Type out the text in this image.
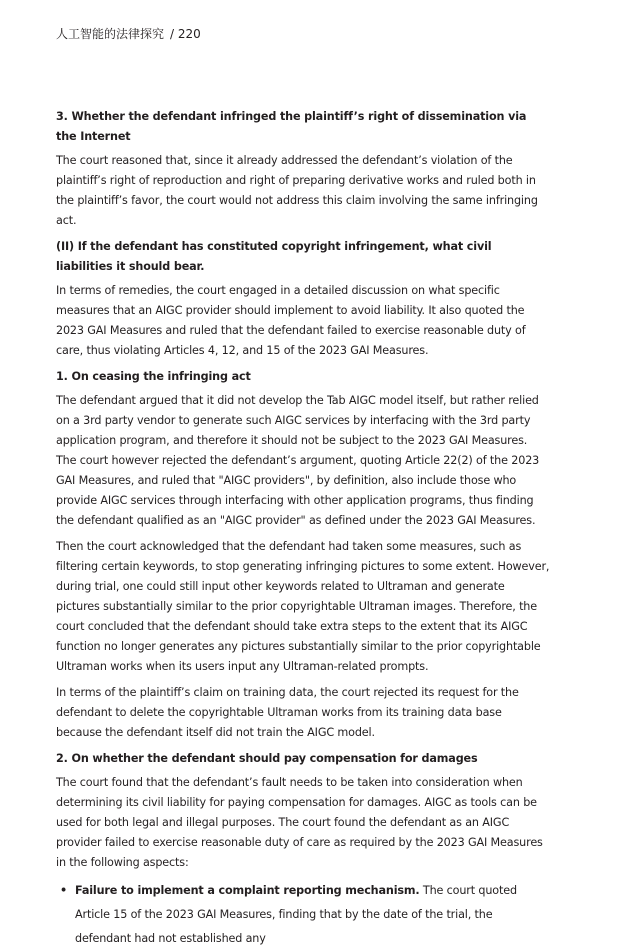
人工智能的法律探究 / 220

3. Whether the defendant infringed the plaintiff’s right of dissemination via the Internet

The court reasoned that, since it already addressed the defendant’s violation of the plaintiff’s right of reproduction and right of preparing derivative works and ruled both in the plaintiff’s favor, the court would not address this claim involving the same infringing act.

(II) If the defendant has constituted copyright infringement, what civil liabilities it should bear.

In terms of remedies, the court engaged in a detailed discussion on what specific measures that an AIGC provider should implement to avoid liability. It also quoted the 2023 GAI Measures and ruled that the defendant failed to exercise reasonable duty of care, thus violating Articles 4, 12, and 15 of the 2023 GAI Measures.

1. On ceasing the infringing act

The defendant argued that it did not develop the Tab AIGC model itself, but rather relied on a 3rd party vendor to generate such AIGC services by interfacing with the 3rd party application program, and therefore it should not be subject to the 2023 GAI Measures. The court however rejected the defendant’s argument, quoting Article 22(2) of the 2023 GAI Measures, and ruled that "AIGC providers", by definition, also include those who provide AIGC services through interfacing with other application programs, thus finding the defendant qualified as an "AIGC provider" as defined under the 2023 GAI Measures.

Then the court acknowledged that the defendant had taken some measures, such as filtering certain keywords, to stop generating infringing pictures to some extent. However, during trial, one could still input other keywords related to Ultraman and generate pictures substantially similar to the prior copyrightable Ultraman images. Therefore, the court concluded that the defendant should take extra steps to the extent that its AIGC function no longer generates any pictures substantially similar to the prior copyrightable Ultraman works when its users input any Ultraman-related prompts.

In terms of the plaintiff’s claim on training data, the court rejected its request for the defendant to delete the copyrightable Ultraman works from its training data base because the defendant itself did not train the AIGC model.

2. On whether the defendant should pay compensation for damages

The court found that the defendant’s fault needs to be taken into consideration when determining its civil liability for paying compensation for damages. AIGC as tools can be used for both legal and illegal purposes. The court found the defendant as an AIGC provider failed to exercise reasonable duty of care as required by the 2023 GAI Measures in the following aspects:

• Failure to implement a complaint reporting mechanism. The court quoted Article 15 of the 2023 GAI Measures, finding that by the date of the trial, the defendant had not established any
